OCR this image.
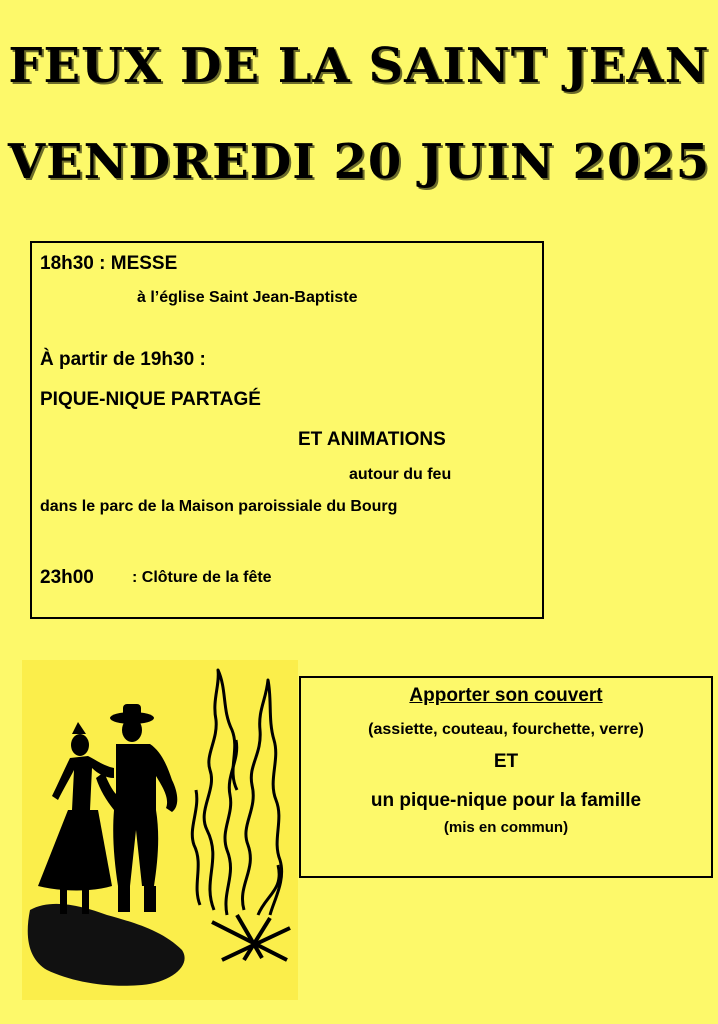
FEUX DE LA SAINT JEAN
VENDREDI 20 JUIN 2025
18h30 : MESSE
à l’église Saint Jean-Baptiste
À partir de 19h30 :
PIQUE-NIQUE PARTAGÉ
ET ANIMATIONS
autour du feu
dans le parc de la Maison paroissiale du Bourg
23h00 : Clôture de la fête
Apporter son couvert
(assiette, couteau, fourchette, verre)
ET
un pique-nique pour la famille
(mis en commun)
